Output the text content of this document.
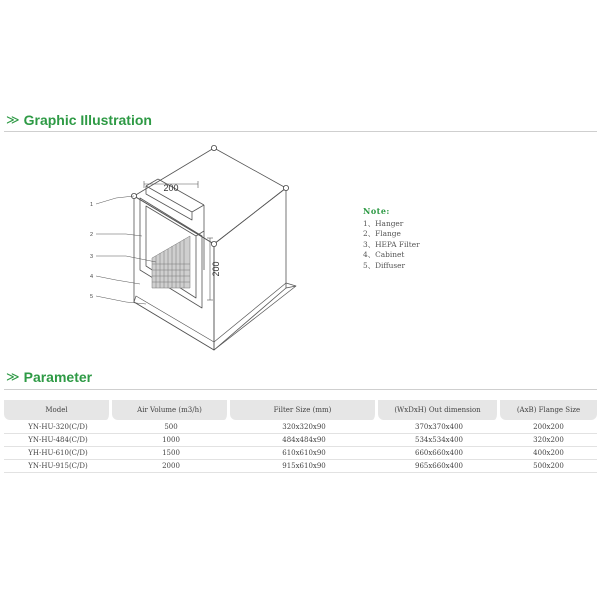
≫ Graphic Illustration
200
200
1
2
3
4
5
Note:
1、Hanger
2、Flange
3、HEPA Filter
4、Cabinet
5、Diffuser
≫ Parameter
Model	Air Volume (m3/h)	Filter Size (mm)	(WxDxH) Out dimension	(AxB) Flange Size
YN-HU-320(C/D)	500	320x320x90	370x370x400	200x200
YN-HU-484(C/D)	1000	484x484x90	534x534x400	320x200
YH-HU-610(C/D)	1500	610x610x90	660x660x400	400x200
YN-HU-915(C/D)	2000	915x610x90	965x660x400	500x200
